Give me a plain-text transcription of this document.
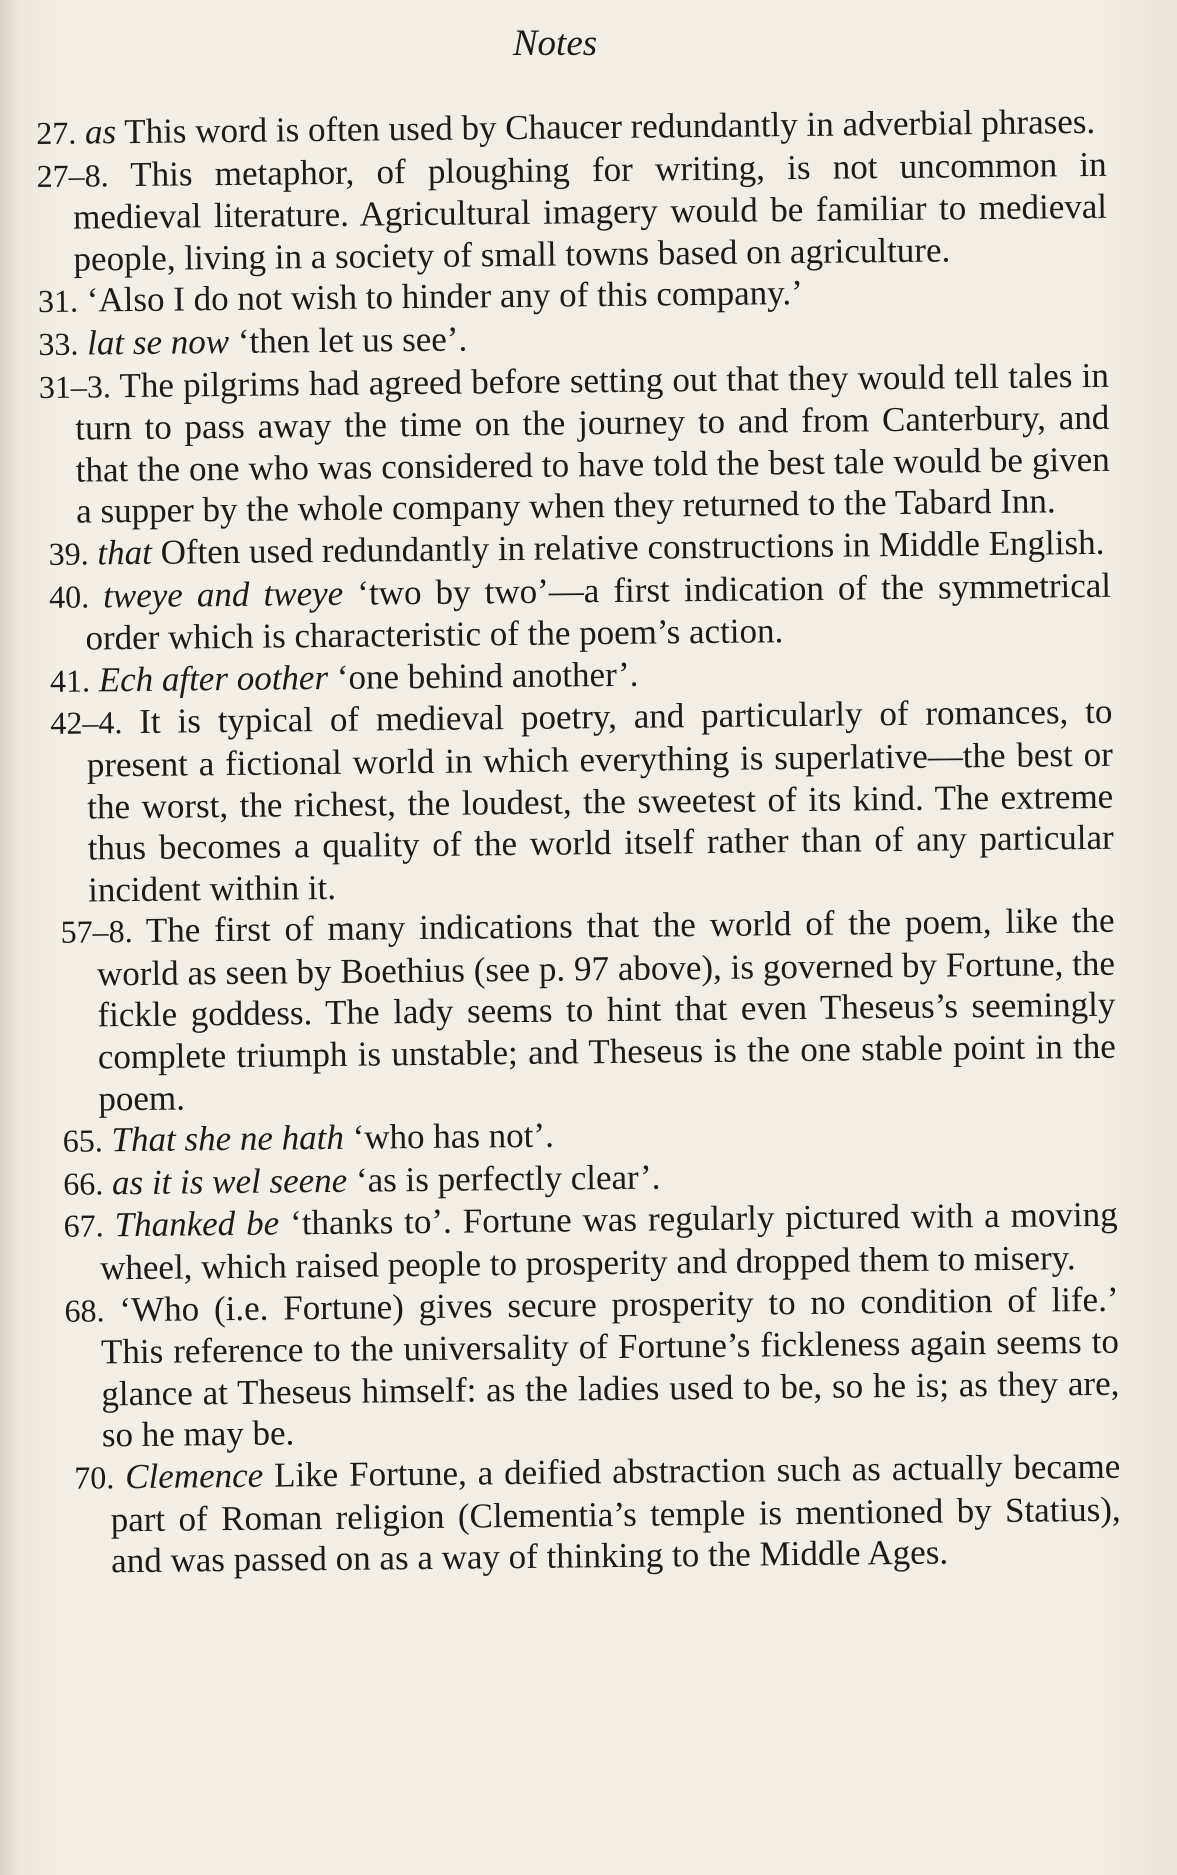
Notes

27. as This word is often used by Chaucer redundantly in adverbial phrases.

27–8. This metaphor, of ploughing for writing, is not uncommon in medieval literature. Agricultural imagery would be familiar to medieval people, living in a society of small towns based on agriculture.

31. ‘Also I do not wish to hinder any of this company.’

33. lat se now ‘then let us see’.

31–3. The pilgrims had agreed before setting out that they would tell tales in turn to pass away the time on the journey to and from Canterbury, and that the one who was considered to have told the best tale would be given a supper by the whole company when they returned to the Tabard Inn.

39. that Often used redundantly in relative constructions in Middle English.

40. tweye and tweye ‘two by two’—a first indication of the symmetrical order which is characteristic of the poem’s action.

41. Ech after oother ‘one behind another’.

42–4. It is typical of medieval poetry, and particularly of romances, to present a fictional world in which everything is superlative—the best or the worst, the richest, the loudest, the sweetest of its kind. The extreme thus becomes a quality of the world itself rather than of any particular incident within it.

57–8. The first of many indications that the world of the poem, like the world as seen by Boethius (see p. 97 above), is governed by Fortune, the fickle goddess. The lady seems to hint that even Theseus’s seemingly complete triumph is unstable; and Theseus is the one stable point in the poem.

65. That she ne hath ‘who has not’.

66. as it is wel seene ‘as is perfectly clear’.

67. Thanked be ‘thanks to’. Fortune was regularly pictured with a moving wheel, which raised people to prosperity and dropped them to misery.

68. ‘Who (i.e. Fortune) gives secure prosperity to no condition of life.’ This reference to the universality of Fortune’s fickleness again seems to glance at Theseus himself: as the ladies used to be, so he is; as they are, so he may be.

70. Clemence Like Fortune, a deified abstraction such as actually became part of Roman religion (Clementia’s temple is mentioned by Statius), and was passed on as a way of thinking to the Middle Ages.
